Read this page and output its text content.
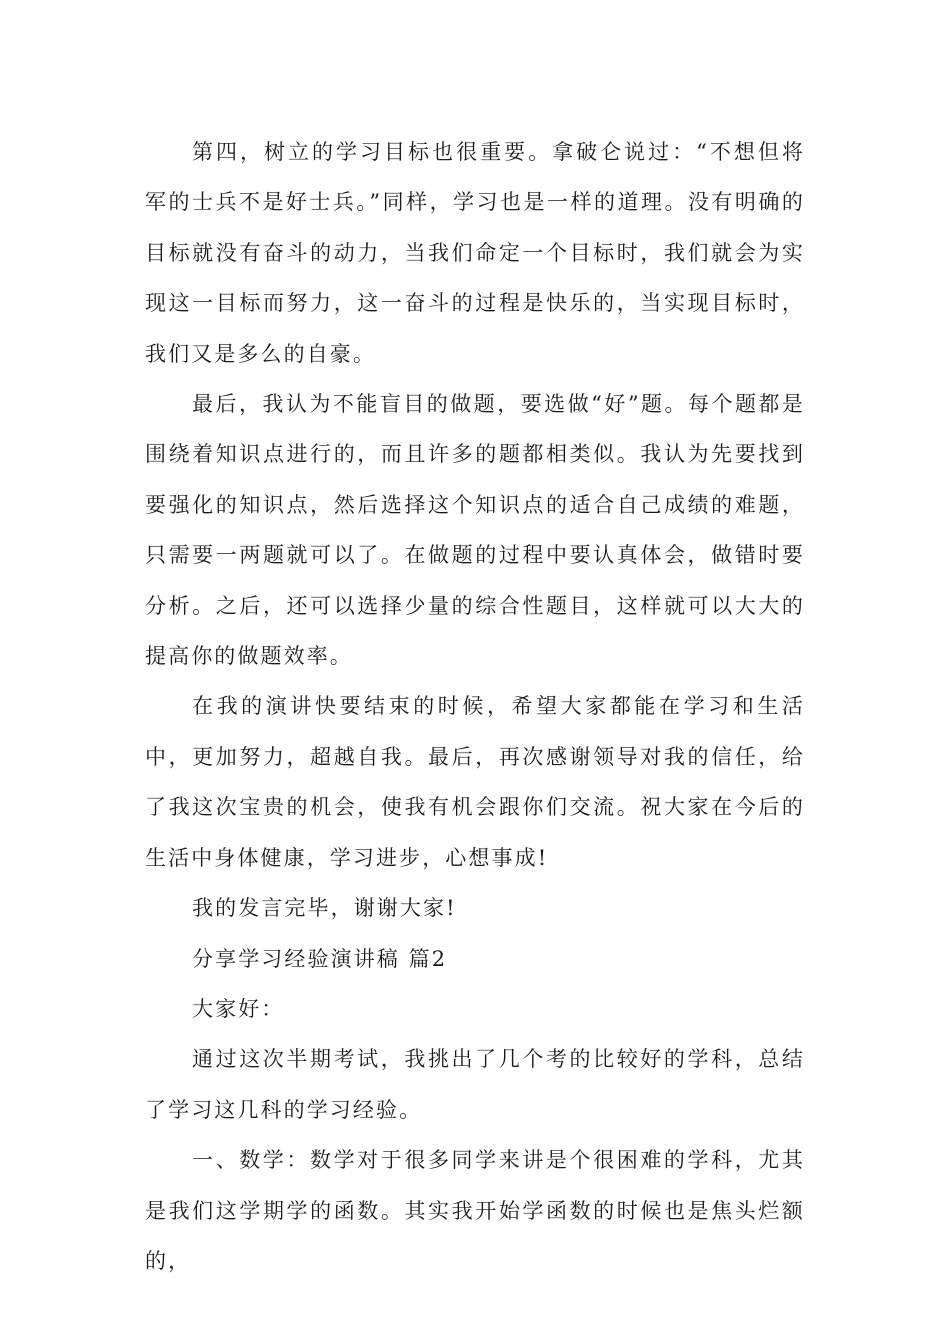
第四，树立的学习目标也很重要。拿破仑说过：“不想但将军的士兵不是好士兵。”同样，学习也是一样的道理。没有明确的目标就没有奋斗的动力，当我们命定一个目标时，我们就会为实现这一目标而努力，这一奋斗的过程是快乐的，当实现目标时，我们又是多么的自豪。

最后，我认为不能盲目的做题，要选做“好”题。每个题都是围绕着知识点进行的，而且许多的题都相类似。我认为先要找到要强化的知识点，然后选择这个知识点的适合自己成绩的难题，只需要一两题就可以了。在做题的过程中要认真体会，做错时要分析。之后，还可以选择少量的综合性题目，这样就可以大大的提高你的做题效率。

在我的演讲快要结束的时候，希望大家都能在学习和生活中，更加努力，超越自我。最后，再次感谢领导对我的信任，给了我这次宝贵的机会，使我有机会跟你们交流。祝大家在今后的生活中身体健康，学习进步，心想事成!

我的发言完毕，谢谢大家!

分享学习经验演讲稿 篇2

大家好：

通过这次半期考试，我挑出了几个考的比较好的学科，总结了学习这几科的学习经验。

一、数学：数学对于很多同学来讲是个很困难的学科，尤其是我们这学期学的函数。其实我开始学函数的时候也是焦头烂额的，
